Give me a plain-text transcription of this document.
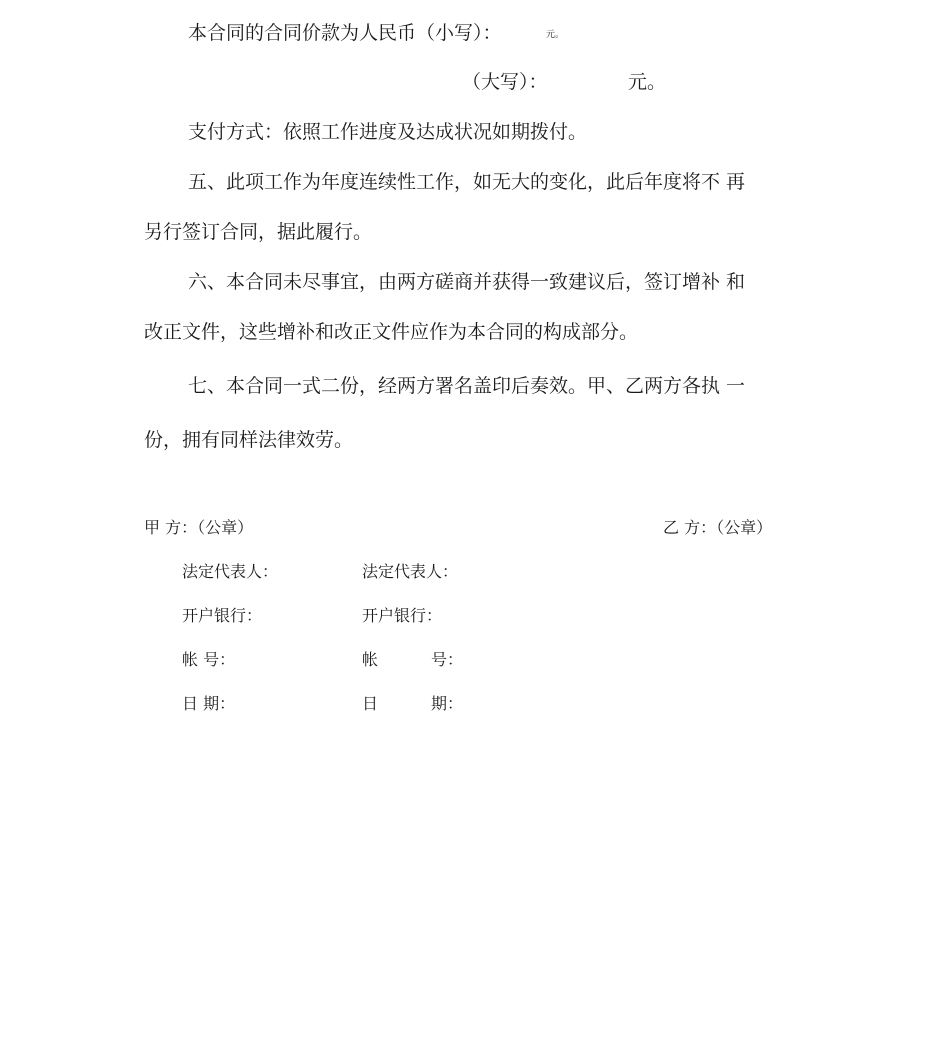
本合同的合同价款为人民币（小写）：	元。
（大写）：	元。
支付方式：依照工作进度及达成状况如期拨付。
五、此项工作为年度连续性工作，如无大的变化，此后年度将不 再
另行签订合同，据此履行。
六、本合同未尽事宜，由两方磋商并获得一致建议后，签订增补 和
改正文件，这些增补和改正文件应作为本合同的构成部分。
七、本合同一式二份，经两方署名盖印后奏效。甲、乙两方各执 一
份，拥有同样法律效劳。
甲 方：（公章）	乙 方：（公章）
法定代表人：	法定代表人：
开户银行：	开户银行：
帐 号：	帐	号：
日 期：	日	期：
